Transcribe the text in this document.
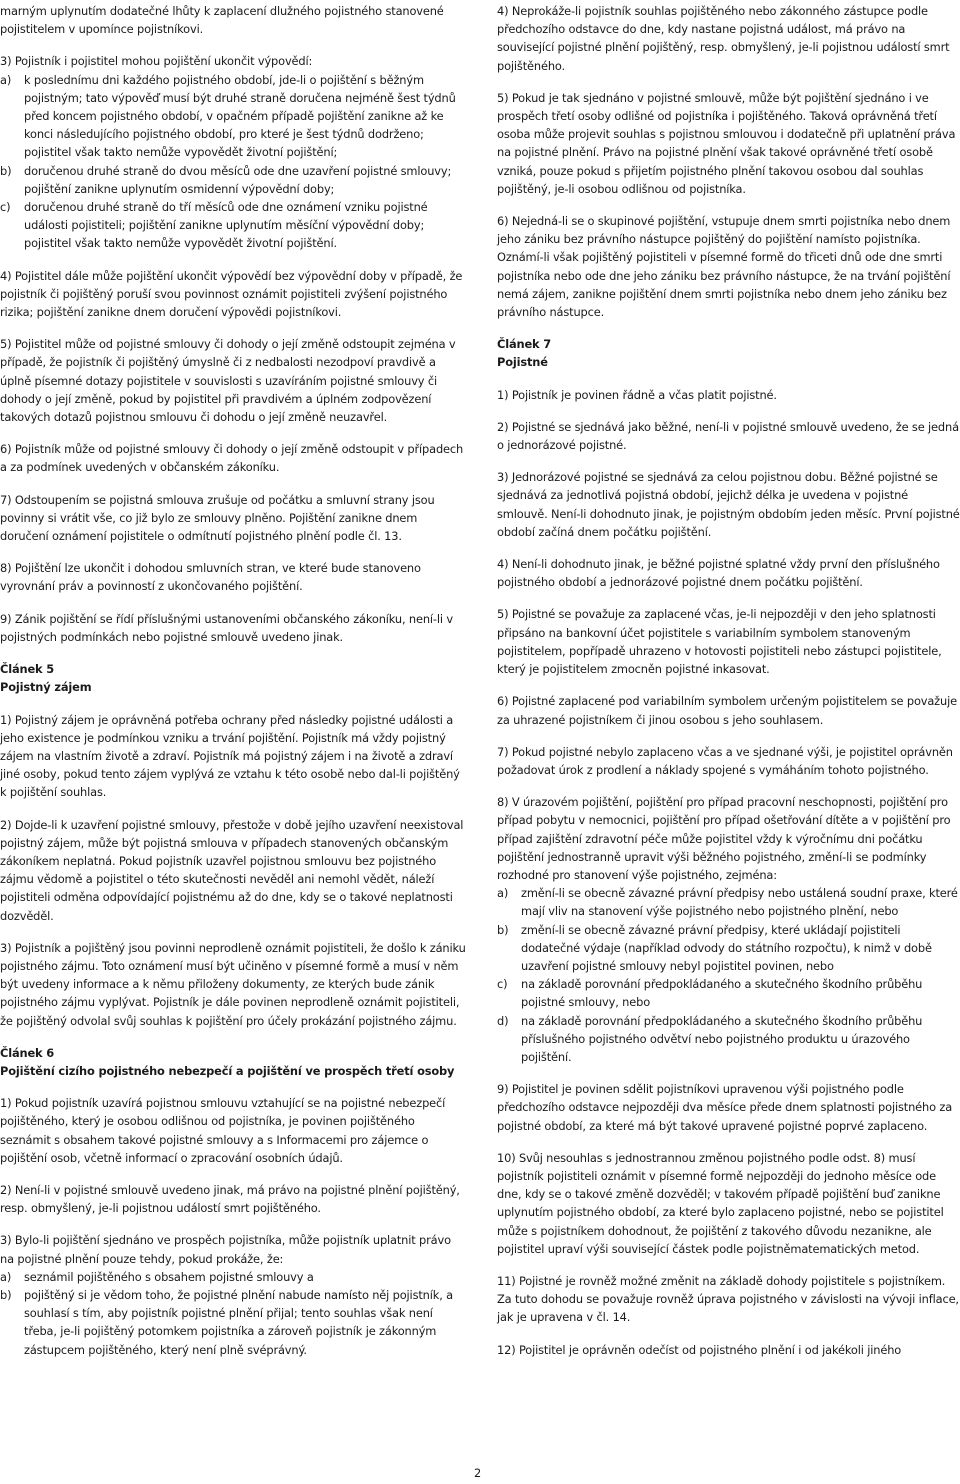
marným uplynutím dodatečné lhůty k zaplacení dlužného pojistného stanovené pojistitelem v upomínce pojistníkovi.

3) Pojistník i pojistitel mohou pojištění ukončit výpovědí:
a)	k poslednímu dni každého pojistného období, jde-li o pojištění s běžným pojistným; tato výpověď musí být druhé straně doručena nejméně šest týdnů před koncem pojistného období, v opačném případě pojištění zanikne až ke konci následujícího pojistného období, pro které je šest týdnů dodrženo; pojistitel však takto nemůže vypovědět životní pojištění;
b)	doručenou druhé straně do dvou měsíců ode dne uzavření pojistné smlouvy; pojištění zanikne uplynutím osmidenní výpovědní doby;
c)	doručenou druhé straně do tří měsíců ode dne oznámení vzniku pojistné události pojistiteli; pojištění zanikne uplynutím měsíční výpovědní doby; pojistitel však takto nemůže vypovědět životní pojištění.

4) Pojistitel dále může pojištění ukončit výpovědí bez výpovědní doby v případě, že pojistník či pojištěný poruší svou povinnost oznámit pojistiteli zvýšení pojistného rizika; pojištění zanikne dnem doručení výpovědi pojistníkovi.

5) Pojistitel může od pojistné smlouvy či dohody o její změně odstoupit zejména v případě, že pojistník či pojištěný úmyslně či z nedbalosti nezodpoví pravdivě a úplně písemné dotazy pojistitele v souvislosti s uzavíráním pojistné smlouvy či dohody o její změně, pokud by pojistitel při pravdivém a úplném zodpovězení takových dotazů pojistnou smlouvu či dohodu o její změně neuzavřel.

6) Pojistník může od pojistné smlouvy či dohody o její změně odstoupit v případech a za podmínek uvedených v občanském zákoníku.

7) Odstoupením se pojistná smlouva zrušuje od počátku a smluvní strany jsou povinny si vrátit vše, co již bylo ze smlouvy plněno. Pojištění zanikne dnem doručení oznámení pojistitele o odmítnutí pojistného plnění podle čl. 13.

8) Pojištění lze ukončit i dohodou smluvních stran, ve které bude stanoveno vyrovnání práv a povinností z ukončovaného pojištění.

9) Zánik pojištění se řídí příslušnými ustanoveními občanského zákoníku, není-li v pojistných podmínkách nebo pojistné smlouvě uvedeno jinak.

Článek 5
Pojistný zájem

1) Pojistný zájem je oprávněná potřeba ochrany před následky pojistné události a jeho existence je podmínkou vzniku a trvání pojištění. Pojistník má vždy pojistný zájem na vlastním životě a zdraví. Pojistník má pojistný zájem i na životě a zdraví jiné osoby, pokud tento zájem vyplývá ze vztahu k této osobě nebo dal-li pojištěný k pojištění souhlas.

2) Dojde-li k uzavření pojistné smlouvy, přestože v době jejího uzavření neexistoval pojistný zájem, může být pojistná smlouva v případech stanovených občanským zákoníkem neplatná. Pokud pojistník uzavřel pojistnou smlouvu bez pojistného zájmu vědomě a pojistitel o této skutečnosti nevěděl ani nemohl vědět, náleží pojistiteli odměna odpovídající pojistnému až do dne, kdy se o takové neplatnosti dozvěděl.

3) Pojistník a pojištěný jsou povinni neprodleně oznámit pojistiteli, že došlo k zániku pojistného zájmu. Toto oznámení musí být učiněno v písemné formě a musí v něm být uvedeny informace a k němu přiloženy dokumenty, ze kterých bude zánik pojistného zájmu vyplývat. Pojistník je dále povinen neprodleně oznámit pojistiteli, že pojištěný odvolal svůj souhlas k pojištění pro účely prokázání pojistného zájmu.

Článek 6
Pojištění cizího pojistného nebezpečí a pojištění ve prospěch třetí osoby

1) Pokud pojistník uzavírá pojistnou smlouvu vztahující se na pojistné nebezpečí pojištěného, který je osobou odlišnou od pojistníka, je povinen pojištěného seznámit s obsahem takové pojistné smlouvy a s Informacemi pro zájemce o pojištění osob, včetně informací o zpracování osobních údajů.

2) Není-li v pojistné smlouvě uvedeno jinak, má právo na pojistné plnění pojištěný, resp. obmyšlený, je-li pojistnou událostí smrt pojištěného.

3) Bylo-li pojištění sjednáno ve prospěch pojistníka, může pojistník uplatnit právo na pojistné plnění pouze tehdy, pokud prokáže, že:
a)	seznámil pojištěného s obsahem pojistné smlouvy a
b)	pojištěný si je vědom toho, že pojistné plnění nabude namísto něj pojistník, a souhlasí s tím, aby pojistník pojistné plnění přijal; tento souhlas však není třeba, je-li pojištěný potomkem pojistníka a zároveň pojistník je zákonným zástupcem pojištěného, který není plně svéprávný.

4) Neprokáže-li pojistník souhlas pojištěného nebo zákonného zástupce podle předchozího odstavce do dne, kdy nastane pojistná událost, má právo na související pojistné plnění pojištěný, resp. obmyšlený, je-li pojistnou událostí smrt pojištěného.

5) Pokud je tak sjednáno v pojistné smlouvě, může být pojištění sjednáno i ve prospěch třetí osoby odlišné od pojistníka i pojištěného. Taková oprávněná třetí osoba může projevit souhlas s pojistnou smlouvou i dodatečně při uplatnění práva na pojistné plnění. Právo na pojistné plnění však takové oprávněné třetí osobě vzniká, pouze pokud s přijetím pojistného plnění takovou osobou dal souhlas pojištěný, je-li osobou odlišnou od pojistníka.

6) Nejedná-li se o skupinové pojištění, vstupuje dnem smrti pojistníka nebo dnem jeho zániku bez právního nástupce pojištěný do pojištění namísto pojistníka. Oznámí-li však pojištěný pojistiteli v písemné formě do třiceti dnů ode dne smrti pojistníka nebo ode dne jeho zániku bez právního nástupce, že na trvání pojištění nemá zájem, zanikne pojištění dnem smrti pojistníka nebo dnem jeho zániku bez právního nástupce.

Článek 7
Pojistné

1) Pojistník je povinen řádně a včas platit pojistné.

2) Pojistné se sjednává jako běžné, není-li v pojistné smlouvě uvedeno, že se jedná o jednorázové pojistné.

3) Jednorázové pojistné se sjednává za celou pojistnou dobu. Běžné pojistné se sjednává za jednotlivá pojistná období, jejichž délka je uvedena v pojistné smlouvě. Není-li dohodnuto jinak, je pojistným obdobím jeden měsíc. První pojistné období začíná dnem počátku pojištění.

4) Není-li dohodnuto jinak, je běžné pojistné splatné vždy první den příslušného pojistného období a jednorázové pojistné dnem počátku pojištění.

5) Pojistné se považuje za zaplacené včas, je-li nejpozději v den jeho splatnosti připsáno na bankovní účet pojistitele s variabilním symbolem stanoveným pojistitelem, popřípadě uhrazeno v hotovosti pojistiteli nebo zástupci pojistitele, který je pojistitelem zmocněn pojistné inkasovat.

6) Pojistné zaplacené pod variabilním symbolem určeným pojistitelem se považuje za uhrazené pojistníkem či jinou osobou s jeho souhlasem.

7) Pokud pojistné nebylo zaplaceno včas a ve sjednané výši, je pojistitel oprávněn požadovat úrok z prodlení a náklady spojené s vymáháním tohoto pojistného.

8) V úrazovém pojištění, pojištění pro případ pracovní neschopnosti, pojištění pro případ pobytu v nemocnici, pojištění pro případ ošetřování dítěte a v pojištění pro případ zajištění zdravotní péče může pojistitel vždy k výročnímu dni počátku pojištění jednostranně upravit výši běžného pojistného, změní-li se podmínky rozhodné pro stanovení výše pojistného, zejména:
a)	změní-li se obecně závazné právní předpisy nebo ustálená soudní praxe, které mají vliv na stanovení výše pojistného nebo pojistného plnění, nebo
b)	změní-li se obecně závazné právní předpisy, které ukládají pojistiteli dodatečné výdaje (například odvody do státního rozpočtu), k nimž v době uzavření pojistné smlouvy nebyl pojistitel povinen, nebo
c)	na základě porovnání předpokládaného a skutečného škodního průběhu pojistné smlouvy, nebo
d)	na základě porovnání předpokládaného a skutečného škodního průběhu příslušného pojistného odvětví nebo pojistného produktu u úrazového pojištění.

9) Pojistitel je povinen sdělit pojistníkovi upravenou výši pojistného podle předchozího odstavce nejpozději dva měsíce přede dnem splatnosti pojistného za pojistné období, za které má být takové upravené pojistné poprvé zaplaceno.

10) Svůj nesouhlas s jednostrannou změnou pojistného podle odst. 8) musí pojistník pojistiteli oznámit v písemné formě nejpozději do jednoho měsíce ode dne, kdy se o takové změně dozvěděl; v takovém případě pojištění buď zanikne uplynutím pojistného období, za které bylo zaplaceno pojistné, nebo se pojistitel může s pojistníkem dohodnout, že pojištění z takového důvodu nezanikne, ale pojistitel upraví výši související částek podle pojistněmatematických metod.

11) Pojistné je rovněž možné změnit na základě dohody pojistitele s pojistníkem. Za tuto dohodu se považuje rovněž úprava pojistného v závislosti na vývoji inflace, jak je upravena v čl. 14.

12) Pojistitel je oprávněn odečíst od pojistného plnění i od jakékoli jiného

2
